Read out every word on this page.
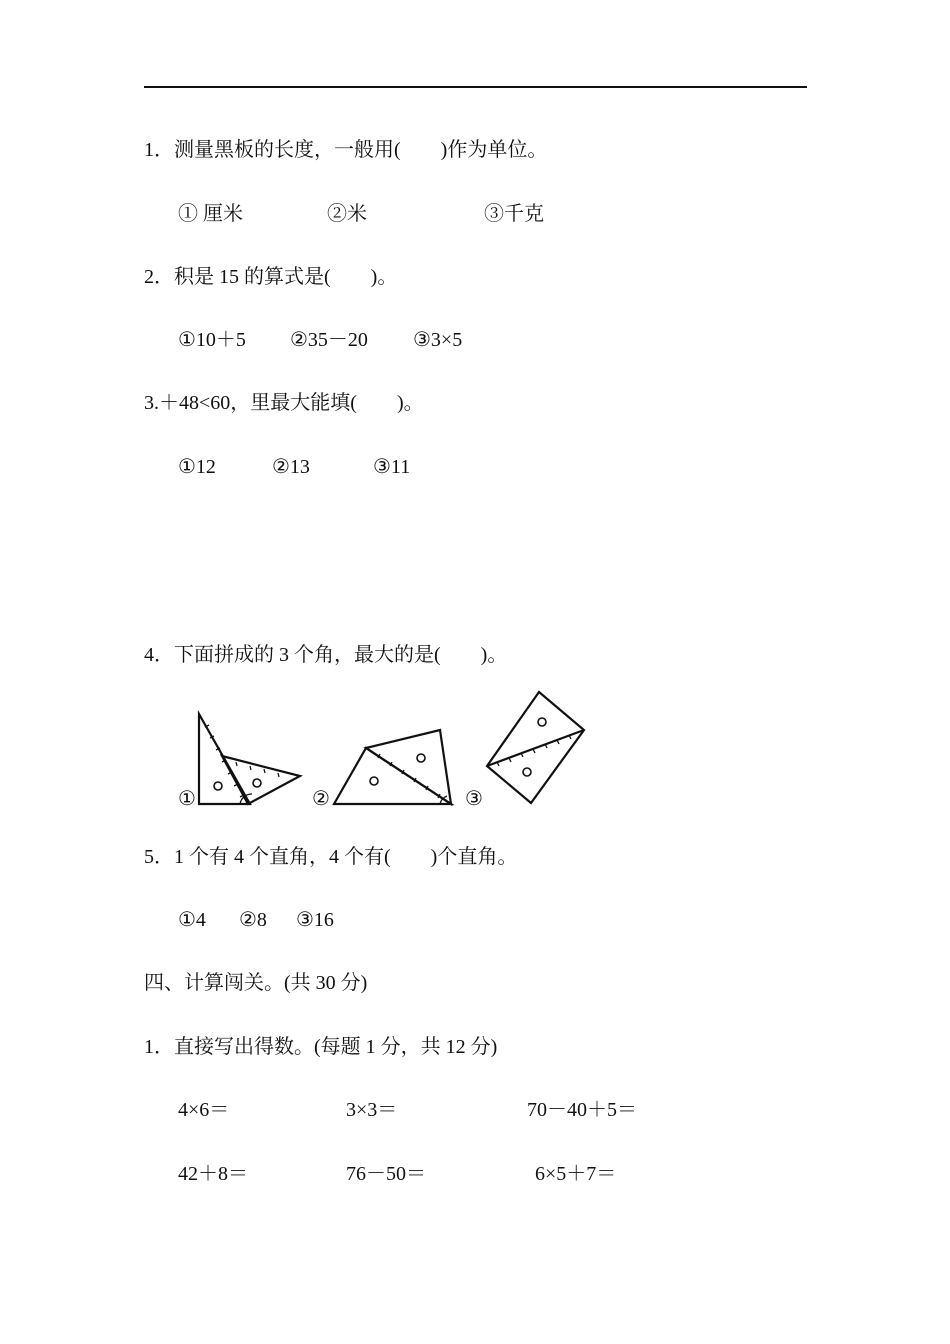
1．测量黑板的长度，一般用(　　)作为单位。
① 厘米	②米	③千克
2．积是 15 的算式是(　　)。
①10＋5 ②35－20 ③3×5
3.＋48<60，里最大能填(　　)。
①12	②13	③11
4．下面拼成的 3 个角，最大的是(　　)。
①	②	③
5．1 个有 4 个直角，4 个有(　　)个直角。
①4 ②8 ③16
四、计算闯关。(共 30 分)
1．直接写出得数。(每题 1 分，共 12 分)
4×6＝	3×3＝	70－40＋5＝
42＋8＝	76－50＝	6×5＋7＝
